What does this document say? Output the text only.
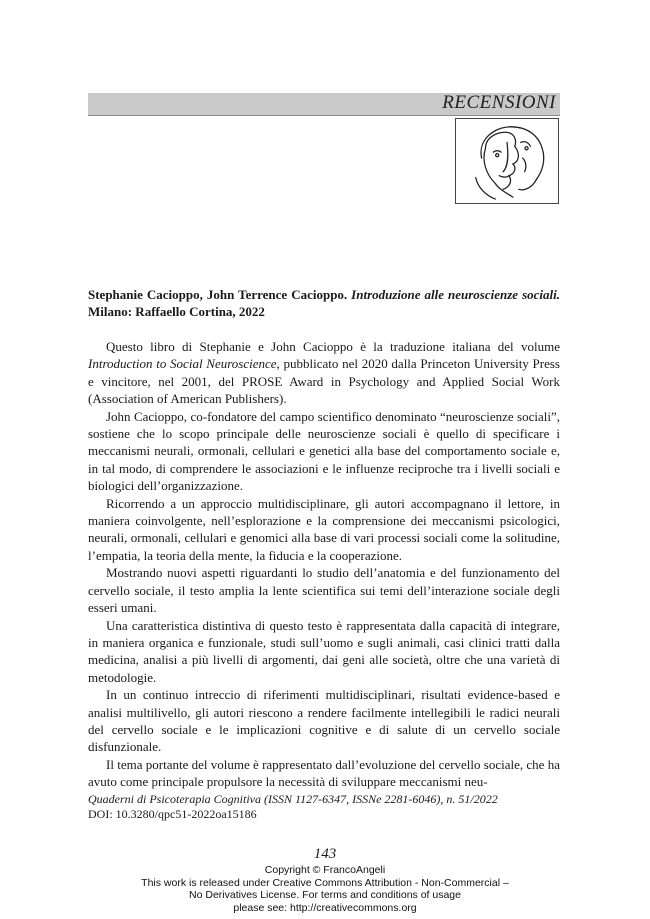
RECENSIONI
Stephanie Cacioppo, John Terrence Cacioppo. Introduzione alle neuroscienze sociali. Milano: Raffaello Cortina, 2022

Questo libro di Stephanie e John Cacioppo è la traduzione italiana del volume Introduction to Social Neuroscience, pubblicato nel 2020 dalla Princeton University Press e vincitore, nel 2001, del PROSE Award in Psychology and Applied Social Work (Association of American Publishers).

John Cacioppo, co-fondatore del campo scientifico denominato “neuroscienze sociali”, sostiene che lo scopo principale delle neuroscienze sociali è quello di specificare i meccanismi neurali, ormonali, cellulari e genetici alla base del comportamento sociale e, in tal modo, di comprendere le associazioni e le influenze reciproche tra i livelli sociali e biologici dell’organizzazione.

Ricorrendo a un approccio multidisciplinare, gli autori accompagnano il lettore, in maniera coinvolgente, nell’esplorazione e la comprensione dei meccanismi psicologici, neurali, ormonali, cellulari e genomici alla base di vari processi sociali come la solitudine, l’empatia, la teoria della mente, la fiducia e la cooperazione.

Mostrando nuovi aspetti riguardanti lo studio dell’anatomia e del funzionamento del cervello sociale, il testo amplia la lente scientifica sui temi dell’interazione sociale degli esseri umani.

Una caratteristica distintiva di questo testo è rappresentata dalla capacità di integrare, in maniera organica e funzionale, studi sull’uomo e sugli animali, casi clinici tratti dalla medicina, analisi a più livelli di argomenti, dai geni alle società, oltre che una varietà di metodologie.

In un continuo intreccio di riferimenti multidisciplinari, risultati evidence-based e analisi multilivello, gli autori riescono a rendere facilmente intellegibili le radici neurali del cervello sociale e le implicazioni cognitive e di salute di un cervello sociale disfunzionale.

Il tema portante del volume è rappresentato dall’evoluzione del cervello sociale, che ha avuto come principale propulsore la necessità di sviluppare meccanismi neu-

Quaderni di Psicoterapia Cognitiva (ISSN 1127-6347, ISSNe 2281-6046), n. 51/2022
DOI: 10.3280/qpc51-2022oa15186
143
Copyright © FrancoAngeli
This work is released under Creative Commons Attribution - Non-Commercial –
No Derivatives License. For terms and conditions of usage
please see: http://creativecommons.org
